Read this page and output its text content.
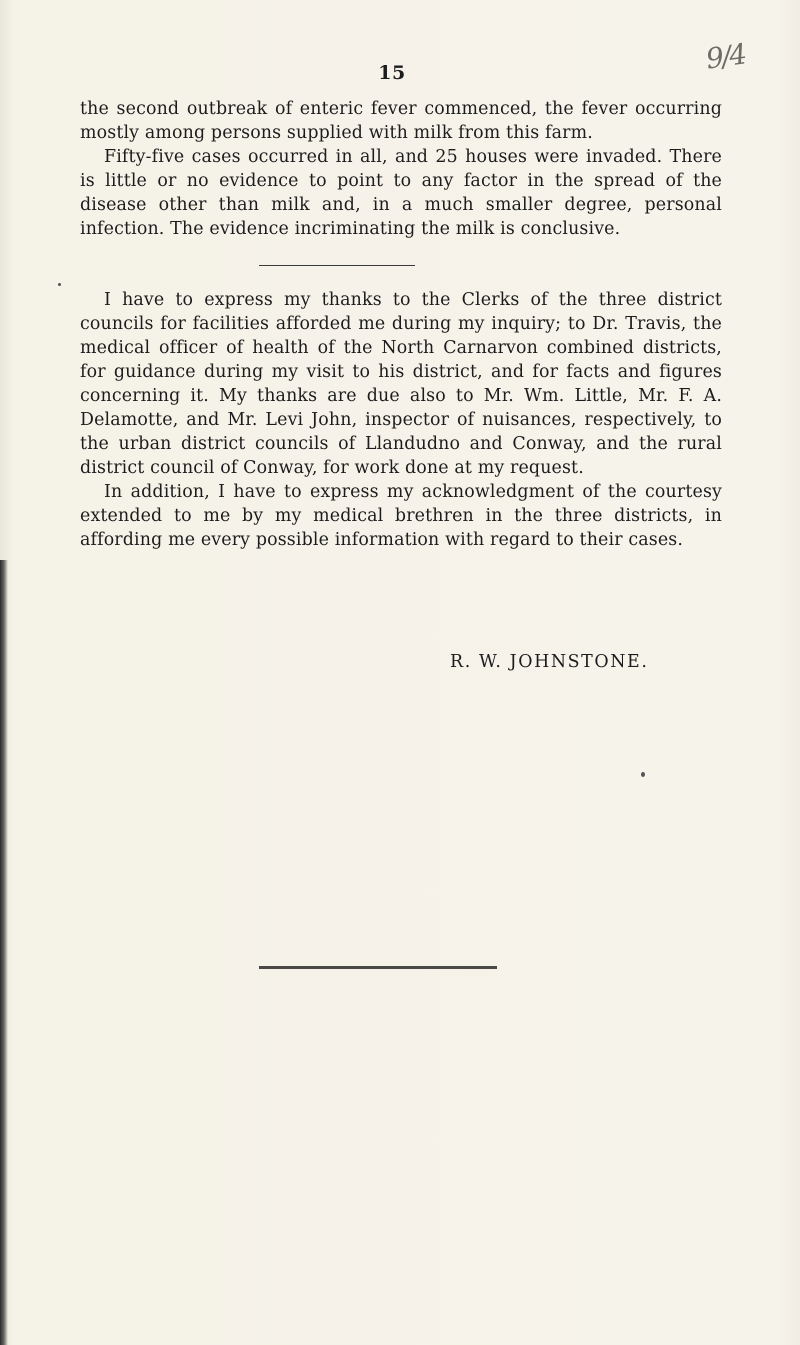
15	9/4

the second outbreak of enteric fever commenced, the fever occurring mostly among persons supplied with milk from this farm.

Fifty-five cases occurred in all, and 25 houses were invaded. There is little or no evidence to point to any factor in the spread of the disease other than milk and, in a much smaller degree, personal infection. The evidence incriminating the milk is conclusive.

I have to express my thanks to the Clerks of the three district councils for facilities afforded me during my inquiry; to Dr. Travis, the medical officer of health of the North Carnarvon combined districts, for guidance during my visit to his district, and for facts and figures concerning it. My thanks are due also to Mr. Wm. Little, Mr. F. A. Delamotte, and Mr. Levi John, inspector of nuisances, respectively, to the urban district councils of Llandudno and Conway, and the rural district council of Conway, for work done at my request.

In addition, I have to express my acknowledgment of the courtesy extended to me by my medical brethren in the three districts, in affording me every possible information with regard to their cases.

R. W. JOHNSTONE.
